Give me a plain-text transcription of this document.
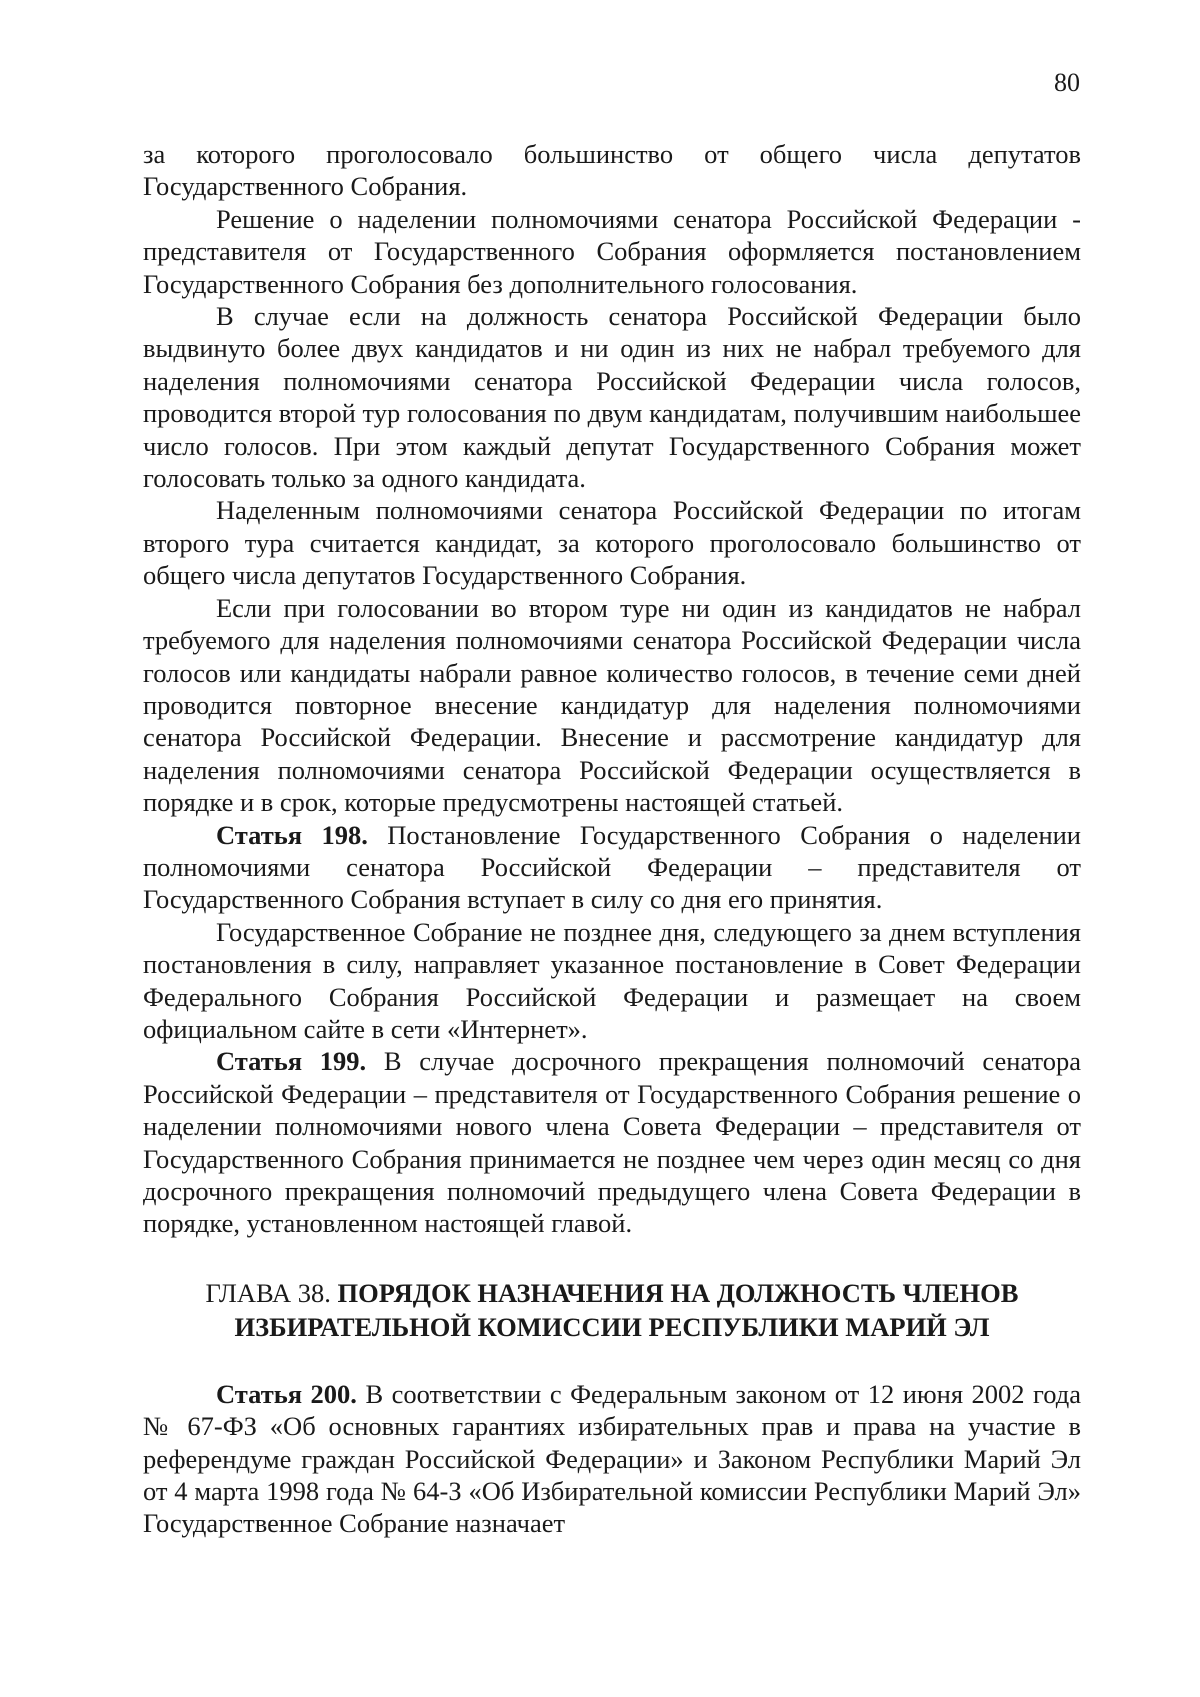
80

за которого проголосовало большинство от общего числа депутатов Государственного Собрания.

Решение о наделении полномочиями сенатора Российской Федерации - представителя от Государственного Собрания оформляется постановлением Государственного Собрания без дополнительного голосования.

В случае если на должность сенатора Российской Федерации было выдвинуто более двух кандидатов и ни один из них не набрал требуемого для наделения полномочиями сенатора Российской Федерации числа голосов, проводится второй тур голосования по двум кандидатам, получившим наибольшее число голосов. При этом каждый депутат Государственного Собрания может голосовать только за одного кандидата.

Наделенным полномочиями сенатора Российской Федерации по итогам второго тура считается кандидат, за которого проголосовало большинство от общего числа депутатов Государственного Собрания.

Если при голосовании во втором туре ни один из кандидатов не набрал требуемого для наделения полномочиями сенатора Российской Федерации числа голосов или кандидаты набрали равное количество голосов, в течение семи дней проводится повторное внесение кандидатур для наделения полномочиями сенатора Российской Федерации. Внесение и рассмотрение кандидатур для наделения полномочиями сенатора Российской Федерации осуществляется в порядке и в срок, которые предусмотрены настоящей статьей.

Статья 198. Постановление Государственного Собрания о наделении полномочиями сенатора Российской Федерации – представителя от Государственного Собрания вступает в силу со дня его принятия.

Государственное Собрание не позднее дня, следующего за днем вступления постановления в силу, направляет указанное постановление в Совет Федерации Федерального Собрания Российской Федерации и размещает на своем официальном сайте в сети «Интернет».

Статья 199. В случае досрочного прекращения полномочий сенатора Российской Федерации – представителя от Государственного Собрания решение о наделении полномочиями нового члена Совета Федерации – представителя от Государственного Собрания принимается не позднее чем через один месяц со дня досрочного прекращения полномочий предыдущего члена Совета Федерации в порядке, установленном настоящей главой.

ГЛАВА 38. ПОРЯДОК НАЗНАЧЕНИЯ НА ДОЛЖНОСТЬ ЧЛЕНОВ ИЗБИРАТЕЛЬНОЙ КОМИССИИ РЕСПУБЛИКИ МАРИЙ ЭЛ

Статья 200. В соответствии с Федеральным законом от 12 июня 2002 года № 67-ФЗ «Об основных гарантиях избирательных прав и права на участие в референдуме граждан Российской Федерации» и Законом Республики Марий Эл от 4 марта 1998 года № 64-З «Об Избирательной комиссии Республики Марий Эл» Государственное Собрание назначает
